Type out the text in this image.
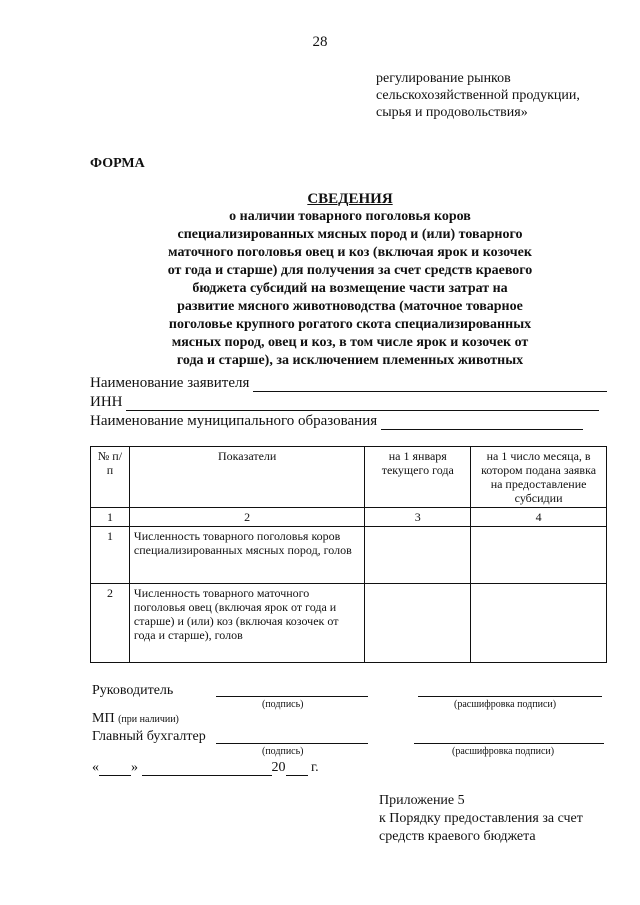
28
регулирование рынков
сельскохозяйственной продукции,
сырья и продовольствия»
ФОРМА
СВЕДЕНИЯ
о наличии товарного поголовья коров
специализированных мясных пород и (или) товарного
маточного поголовья овец и коз (включая ярок и козочек
от года и старше) для получения за счет средств краевого
бюджета субсидий на возмещение части затрат на
развитие мясного животноводства (маточное товарное
поголовье крупного рогатого скота специализированных
мясных пород, овец и коз, в том числе ярок и козочек от
года и старше), за исключением племенных животных
Наименование заявителя
ИНН
Наименование муниципального образования
№ п/п	Показатели	на 1 января текущего года	на 1 число месяца, в котором подана заявка на предоставление субсидии
1	2	3	4
1	Численность товарного поголовья коров специализированных мясных пород, голов		
2	Численность товарного маточного поголовья овец (включая ярок от года и старше) и (или) коз (включая козочек от года и старше), голов		
Руководитель
(подпись)	(расшифровка подписи)
МП (при наличии)
Главный бухгалтер
(подпись)	(расшифровка подписи)
« »	20 г.
Приложение 5
к Порядку предоставления за счет
средств краевого бюджета
